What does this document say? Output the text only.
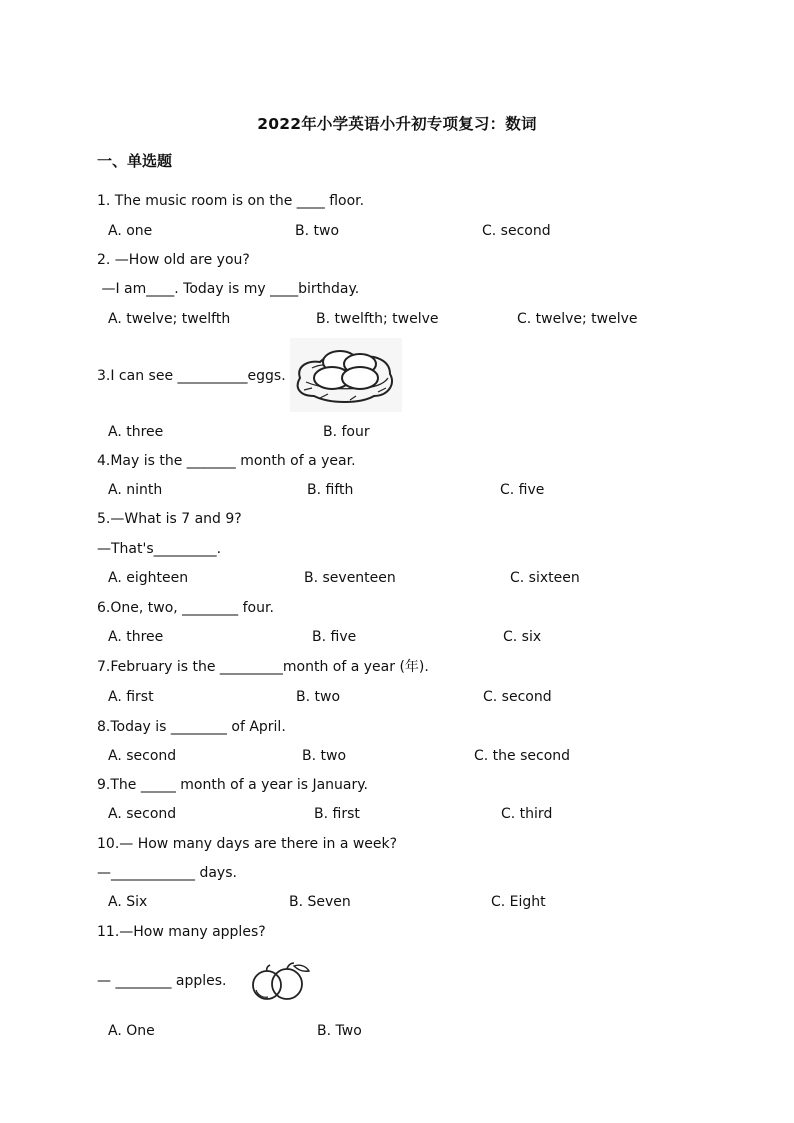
2022年小学英语小升初专项复习：数词
一、单选题
1. The music room is on the ____ floor.
A. one	B. two	C. second
2. —How old are you?
—I am____. Today is my ____birthday.
A. twelve; twelfth	B. twelfth; twelve	C. twelve; twelve
3.I can see __________eggs.
A. three	B. four
4.May is the _______ month of a year.
A. ninth	B. fifth	C. five
5.—What is 7 and 9?
—That's_________.
A. eighteen	B. seventeen	C. sixteen
6.One, two, ________ four.
A. three	B. five	C. six
7.February is the _________month of a year (年).
A. first	B. two	C. second
8.Today is ________ of April.
A. second	B. two	C. the second
9.The _____ month of a year is January.
A. second	B. first	C. third
10.— How many days are there in a week?
—____________ days.
A. Six	B. Seven	C. Eight
11.—How many apples?
— ________ apples.
A. One	B. Two
